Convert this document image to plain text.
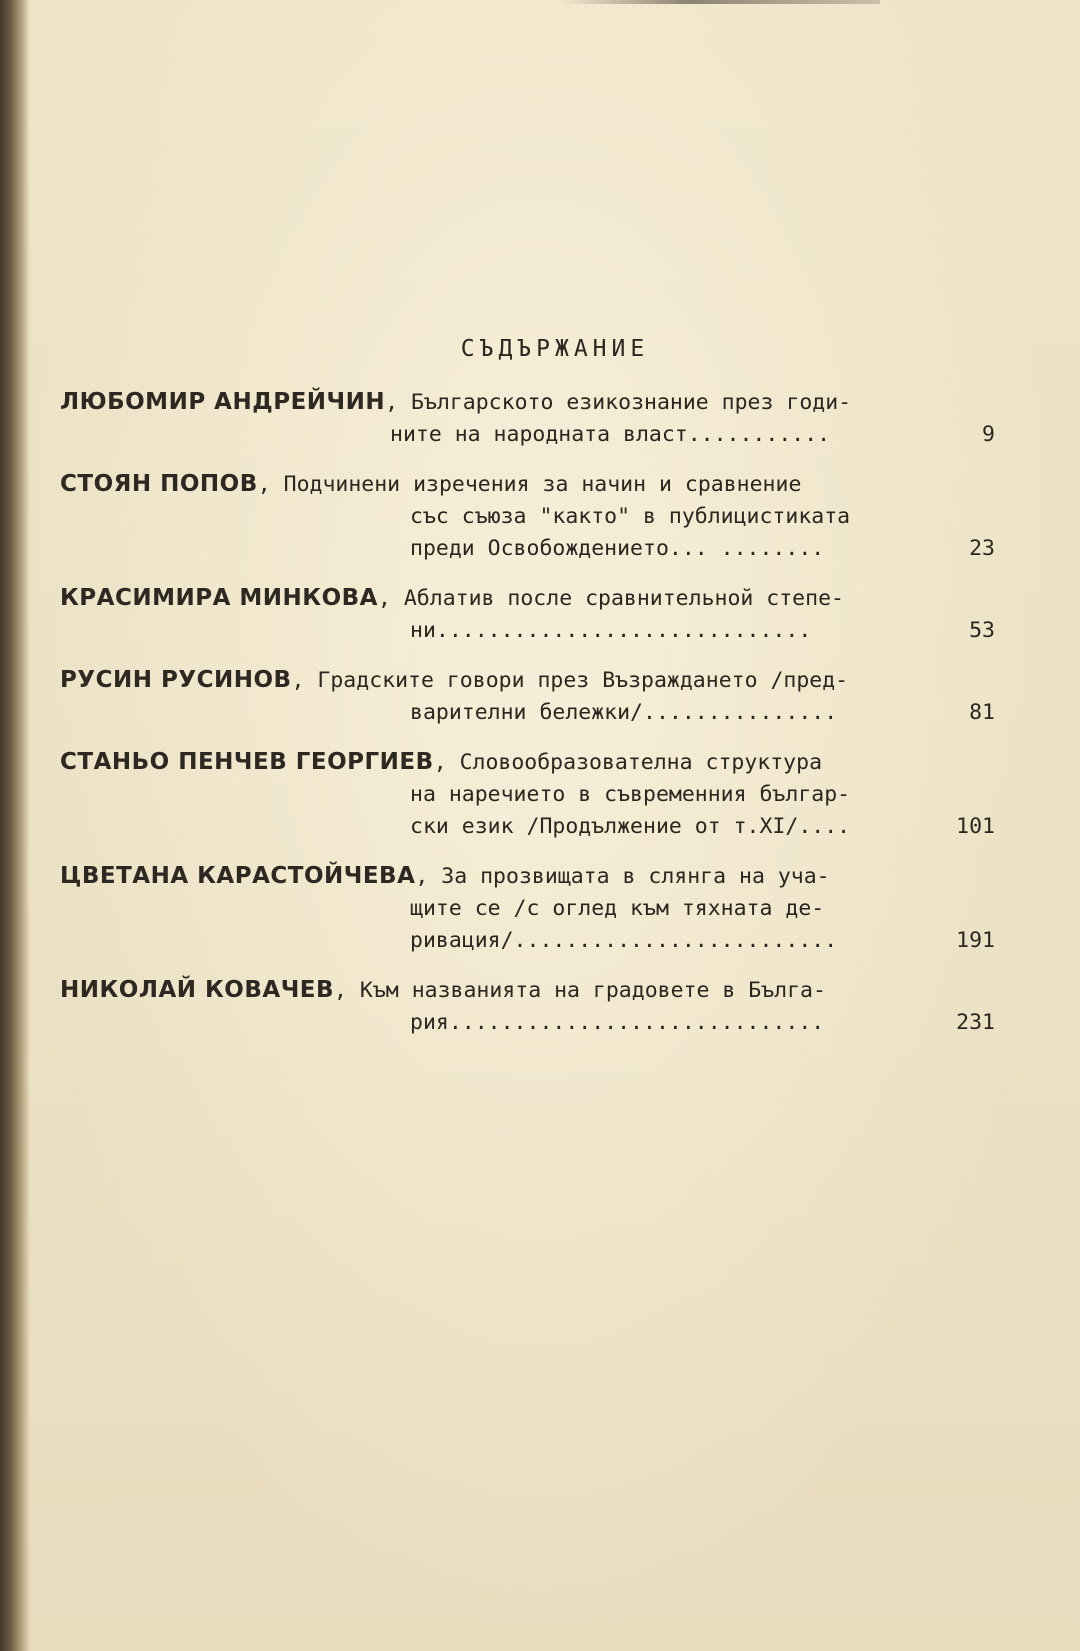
СЪДЪРЖАНИЕ
ЛЮБОМИР АНДРЕЙЧИН, Българското езикознание през годи-
ните на народната власт...........	9
СТОЯН ПОПОВ, Подчинени изречения за начин и сравнение
със съюза "както" в публицистиката
преди Освобождението... ........	23
КРАСИМИРА МИНКОВА, Аблатив после сравнительной степе-
ни.............................	53
РУСИН РУСИНОВ, Градските говори през Възраждането /пред-
варителни бележки/...............	81
СТАНЬО ПЕНЧЕВ ГЕОРГИЕВ, Словообразователна структура
на наречието в съвременния българ-
ски език /Продължение от т.XI/....	101
ЦВЕТАНА КАРАСТОЙЧЕВА, За прозвищата в слянга на уча-
щите се /с оглед към тяхната де-
ривация/.........................	191
НИКОЛАЙ КОВАЧЕВ, Към названията на градовете в Бълга-
рия.............................	231
